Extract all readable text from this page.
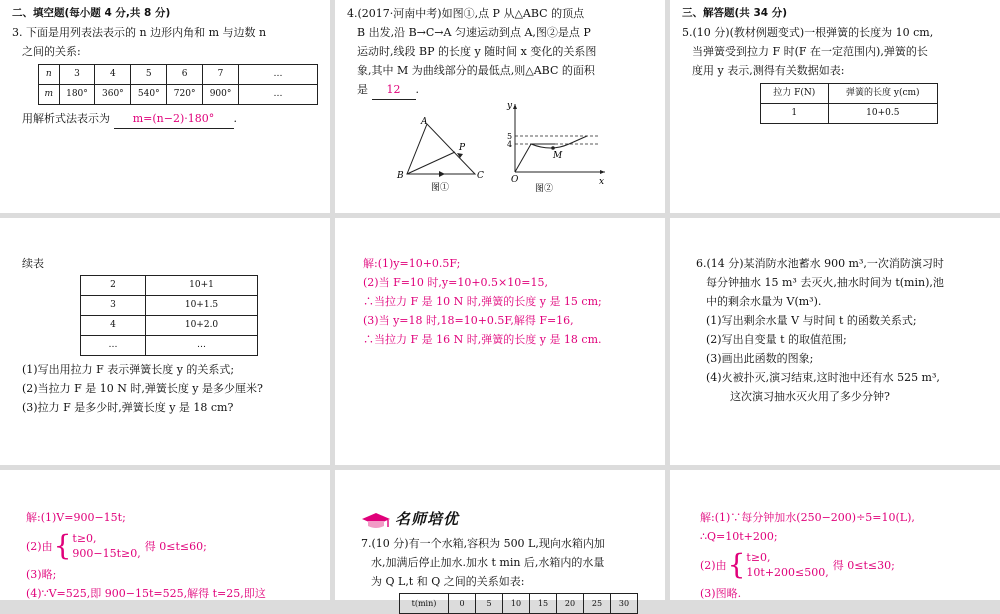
二、填空题(每小题 4 分,共 8 分)

3. 下面是用列表法表示的 n 边形内角和 m 与边数 n

之间的关系:

n	3	4	5	6	7	…
m	180°	360°	540°	720°	900°	…

用解析式法表示为 m=(n−2)·180° .

4.(2017·河南中考)如图①,点 P 从△ABC 的顶点

B 出发,沿 B→C→A 匀速运动到点 A,图②是点 P

运动时,线段 BP 的长度 y 随时间 x 变化的关系图

象,其中 M 为曲线部分的最低点,则△ABC 的面积

是 12 .

A
B	C
P
图①
y
x
O
5
4
M
图②
三、解答题(共 34 分)

5.(10 分)(教材例题变式)一根弹簧的长度为 10 cm,

当弹簧受到拉力 F 时(F 在一定范围内),弹簧的长

度用 y 表示,测得有关数据如表:

拉力 F(N)	弹簧的长度 y(cm)
1	10+0.5

续表

2	10+1
3	10+1.5
4	10+2.0
…	…

(1)写出用拉力 F 表示弹簧长度 y 的关系式;

(2)当拉力 F 是 10 N 时,弹簧长度 y 是多少厘米?

(3)拉力 F 是多少时,弹簧长度 y 是 18 cm?

解:(1)y=10+0.5F;

(2)当 F=10 时,y=10+0.5×10=15,

∴当拉力 F 是 10 N 时,弹簧的长度 y 是 15 cm;

(3)当 y=18 时,18=10+0.5F,解得 F=16,

∴当拉力 F 是 16 N 时,弹簧的长度 y 是 18 cm.

6.(14 分)某消防水池蓄水 900 m³,一次消防演习时

每分钟抽水 15 m³ 去灭火,抽水时间为 t(min),池

中的剩余水量为 V(m³).

(1)写出剩余水量 V 与时间 t 的函数关系式;

(2)写出自变量 t 的取值范围;

(3)画出此函数的图象;

(4)火被扑灭,演习结束,这时池中还有水 525 m³,

这次演习抽水灭火用了多少分钟?

解:(1)V=900−15t;

(2)由 { t≥0,
900−15t≥0,
得 0≤t≤60;

(3)略;

(4)∵V=525,即 900−15t=525,解得 t=25,即这

名师培优

7.(10 分)有一个水箱,容积为 500 L,现向水箱内加

水,加满后停止加水.加水 t min 后,水箱内的水量

为 Q L,t 和 Q 之间的关系如表:

t(min)	0	5	10	15	20	25	30

解:(1)∵每分钟加水(250−200)÷5=10(L),

∴Q=10t+200;

(2)由 { t≥0,
10t+200≤500,
得 0≤t≤30;

(3)图略.
